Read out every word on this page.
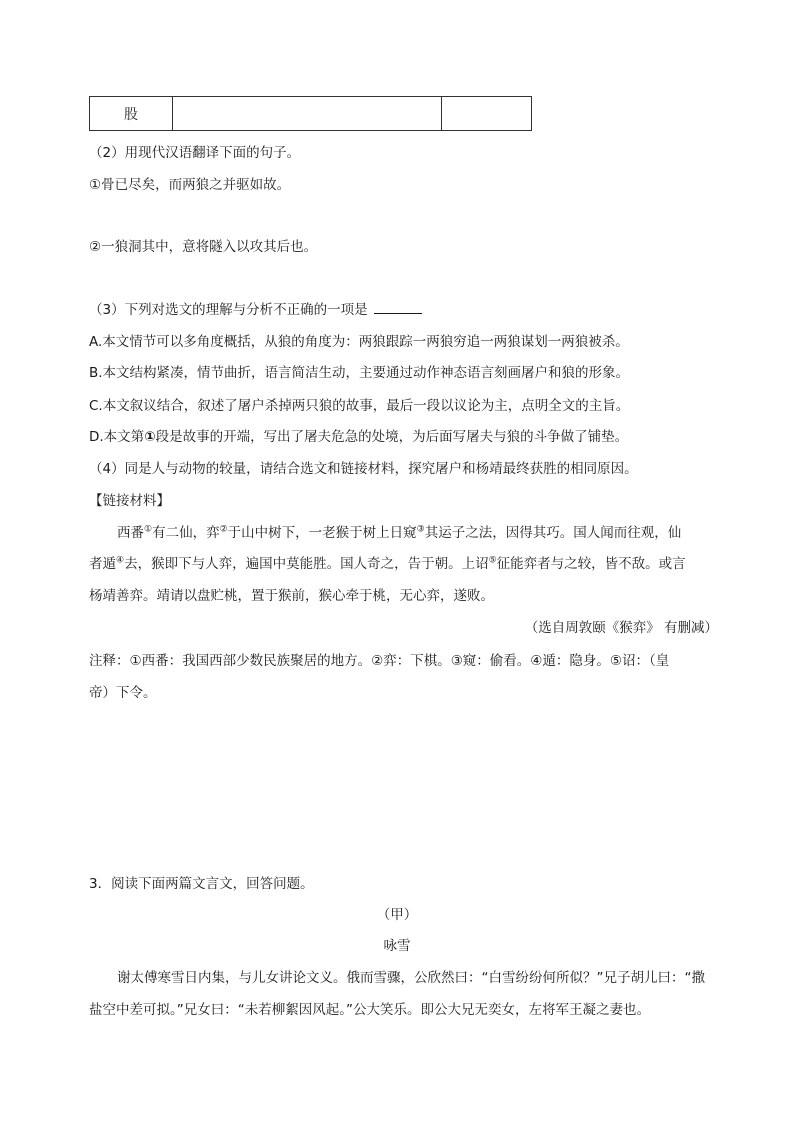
股		
（2）用现代汉语翻译下面的句子。
①骨已尽矣，而两狼之并驱如故。
②一狼洞其中，意将隧入以攻其后也。
（3）下列对选文的理解与分析不正确的一项是
A.本文情节可以多角度概括，从狼的角度为：两狼跟踪一两狼穷追一两狼谋划一两狼被杀。
B.本文结构紧凑，情节曲折，语言简洁生动，主要通过动作神态语言刻画屠户和狼的形象。
C.本文叙议结合，叙述了屠户杀掉两只狼的故事，最后一段以议论为主，点明全文的主旨。
D.本文第①段是故事的开端，写出了屠夫危急的处境，为后面写屠夫与狼的斗争做了铺垫。
（4）同是人与动物的较量，请结合选文和链接材料，探究屠户和杨靖最终获胜的相同原因。
【链接材料】
西番①有二仙，弈②于山中树下，一老猴于树上日窥③其运子之法，因得其巧。国人闻而往观，仙
者遁④去，猴即下与人弈，遍国中莫能胜。国人奇之，告于朝。上诏⑤征能弈者与之较，皆不敌。或言
杨靖善弈。靖请以盘贮桃，置于猴前，猴心牵于桃，无心弈，遂败。
（选自周敦颐《猴弈》 有删减）
注释：①西番：我国西部少数民族聚居的地方。②弈：下棋。③窥：偷看。④遁：隐身。⑤诏：（皇
帝）下令。
3．阅读下面两篇文言文，回答问题。
（甲）
咏雪
谢太傅寒雪日内集，与儿女讲论文义。俄而雪骤，公欣然曰：“白雪纷纷何所似？”兄子胡儿曰：“撒
盐空中差可拟。”兄女曰：“未若柳絮因风起。”公大笑乐。即公大兄无奕女，左将军王凝之妻也。
